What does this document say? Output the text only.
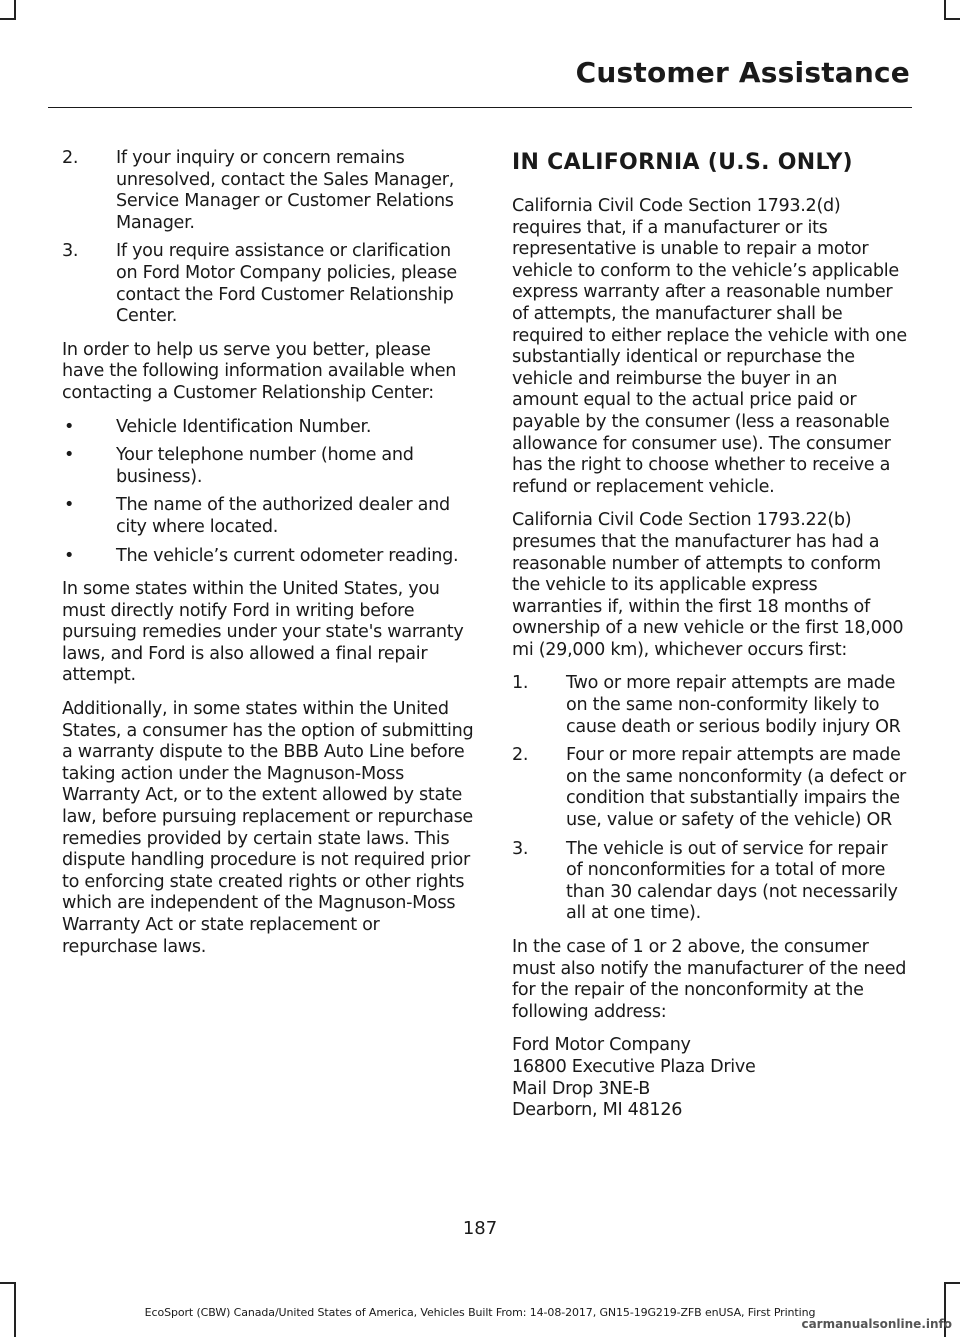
Customer Assistance
2. If your inquiry or concern remains unresolved, contact the Sales Manager, Service Manager or Customer Relations Manager.
3. If you require assistance or clarification on Ford Motor Company policies, please contact the Ford Customer Relationship Center.

In order to help us serve you better, please have the following information available when contacting a Customer Relationship Center:

• Vehicle Identification Number.
• Your telephone number (home and business).
• The name of the authorized dealer and city where located.
• The vehicle’s current odometer reading.

In some states within the United States, you must directly notify Ford in writing before pursuing remedies under your state's warranty laws, and Ford is also allowed a final repair attempt.

Additionally, in some states within the United States, a consumer has the option of submitting a warranty dispute to the BBB Auto Line before taking action under the Magnuson-Moss Warranty Act, or to the extent allowed by state law, before pursuing replacement or repurchase remedies provided by certain state laws. This dispute handling procedure is not required prior to enforcing state created rights or other rights which are independent of the Magnuson-Moss Warranty Act or state replacement or repurchase laws.

IN CALIFORNIA (U.S. ONLY)

California Civil Code Section 1793.2(d) requires that, if a manufacturer or its representative is unable to repair a motor vehicle to conform to the vehicle’s applicable express warranty after a reasonable number of attempts, the manufacturer shall be required to either replace the vehicle with one substantially identical or repurchase the vehicle and reimburse the buyer in an amount equal to the actual price paid or payable by the consumer (less a reasonable allowance for consumer use). The consumer has the right to choose whether to receive a refund or replacement vehicle.

California Civil Code Section 1793.22(b) presumes that the manufacturer has had a reasonable number of attempts to conform the vehicle to its applicable express warranties if, within the first 18 months of ownership of a new vehicle or the first 18,000 mi (29,000 km), whichever occurs first:

1. Two or more repair attempts are made on the same non-conformity likely to cause death or serious bodily injury OR
2. Four or more repair attempts are made on the same nonconformity (a defect or condition that substantially impairs the use, value or safety of the vehicle) OR
3. The vehicle is out of service for repair of nonconformities for a total of more than 30 calendar days (not necessarily all at one time).

In the case of 1 or 2 above, the consumer must also notify the manufacturer of the need for the repair of the nonconformity at the following address:

Ford Motor Company
16800 Executive Plaza Drive
Mail Drop 3NE-B
Dearborn, MI 48126
187
EcoSport (CBW) Canada/United States of America, Vehicles Built From: 14-08-2017, GN15-19G219-ZFB enUSA, First Printing
carmanualsonline.info
